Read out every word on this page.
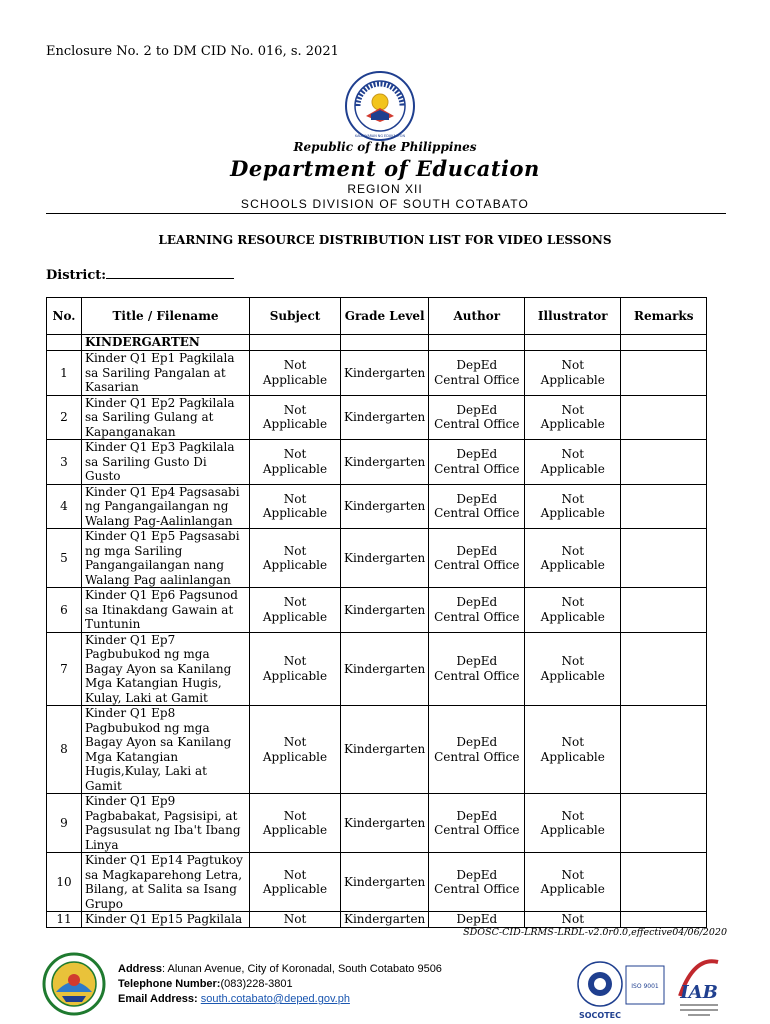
Enclosure No. 2 to DM CID No. 016, s. 2021
KAGAWARAN NG EDUKASYON
Republic of the Philippines
Department of Education
REGION XII
SCHOOLS DIVISION OF SOUTH COTABATO
LEARNING RESOURCE DISTRIBUTION LIST FOR VIDEO LESSONS
District:
No.	Title / Filename	Subject	Grade Level	Author	Illustrator	Remarks
	KINDERGARTEN					
1	Kinder Q1 Ep1 Pagkilala sa Sariling Pangalan at Kasarian	Not Applicable	Kindergarten	DepEd Central Office	Not Applicable	
2	Kinder Q1 Ep2 Pagkilala sa Sariling Gulang at Kapanganakan	Not Applicable	Kindergarten	DepEd Central Office	Not Applicable	
3	Kinder Q1 Ep3 Pagkilala sa Sariling Gusto Di Gusto	Not Applicable	Kindergarten	DepEd Central Office	Not Applicable	
4	Kinder Q1 Ep4 Pagsasabi ng Pangangailangan ng Walang Pag-Aalinlangan	Not Applicable	Kindergarten	DepEd Central Office	Not Applicable	
5	Kinder Q1 Ep5 Pagsasabi ng mga Sariling Pangangailangan nang Walang Pag aalinlangan	Not Applicable	Kindergarten	DepEd Central Office	Not Applicable	
6	Kinder Q1 Ep6 Pagsunod sa Itinakdang Gawain at Tuntunin	Not Applicable	Kindergarten	DepEd Central Office	Not Applicable	
7	Kinder Q1 Ep7 Pagbubukod ng mga Bagay Ayon sa Kanilang Mga Katangian Hugis, Kulay, Laki at Gamit	Not Applicable	Kindergarten	DepEd Central Office	Not Applicable	
8	Kinder Q1 Ep8 Pagbubukod ng mga Bagay Ayon sa Kanilang Mga Katangian Hugis,Kulay, Laki at Gamit	Not Applicable	Kindergarten	DepEd Central Office	Not Applicable	
9	Kinder Q1 Ep9 Pagbabakat, Pagsisipi, at Pagsusulat ng Iba't Ibang Linya	Not Applicable	Kindergarten	DepEd Central Office	Not Applicable	
10	Kinder Q1 Ep14 Pagtukoy sa Magkaparehong Letra, Bilang, at Salita sa Isang Grupo	Not Applicable	Kindergarten	DepEd Central Office	Not Applicable	
11	Kinder Q1 Ep15 Pagkilala	Not	Kindergarten	DepEd	Not	
SDOSC-CID-LRMS-LRDL-v2.0r0.0,effective04/06/2020
Address: Alunan Avenue, City of Koronadal, South Cotabato 9506
Telephone Number:(083)228-3801
Email Address: south.cotabato@deped.gov.ph
ISO 9001
SOCOTEC
IAB
